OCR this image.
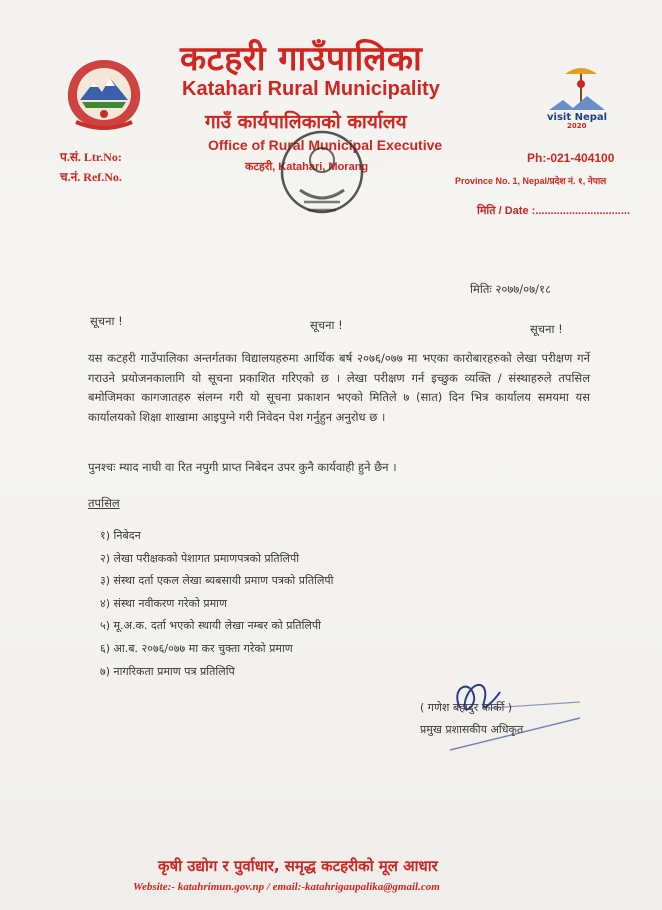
visit Nepal
2020
कटहरी गाउँपालिका
Katahari Rural Municipality
गाउँ कार्यपालिकाको कार्यालय
Office of Rural Municipal Executive
कटहरी, Katahari, Morang
प.सं. Ltr.No:
च.नं. Ref.No.
Ph:-021-404100
Province No. 1, Nepal/प्रदेश नं. १, नेपाल
मिति / Date :...............................
मितिः २०७७/०७/१८
सूचना !	सूचना !	सूचना !
यस कटहरी गाउँपालिका अन्तर्गतका विद्यालयहरुमा आर्थिक बर्ष २०७६/०७७ मा भएका कारोबारहरुको लेखा परीक्षण गर्ने गराउने प्रयोजनकालागि यो सूचना प्रकाशित गरिएको छ । लेखा परीक्षण गर्न इच्छुक व्यक्ति / संस्थाहरुले तपसिल बमोजिमका कागजातहरु संलग्न गरी यो सूचना प्रकाशन भएको मितिले ७ (सात) दिन भित्र कार्यालय समयमा यस कार्यालयको शिक्षा शाखामा आइपुग्ने गरी निवेदन पेश गर्नुहुन अनुरोध छ ।
पुनश्चः म्याद नाघी वा रित नपुगी प्राप्त निबेदन उपर कुनै कार्यवाही हुने छैन ।
तपसिल
१) निबेदन
२) लेखा परीक्षकको पेशागत प्रमाणपत्रको प्रतिलिपी
३) संस्था दर्ता एकल लेखा ब्यबसायी प्रमाण पत्रको प्रतिलिपी
४) संस्था नवीकरण गरेको प्रमाण
५) मू.अ.क. दर्ता भएको स्थायी लेखा नम्बर को प्रतिलिपी
६) आ.ब. २०७६/०७७ मा कर चुक्ता गरेको प्रमाण
७) नागरिकता प्रमाण पत्र प्रतिलिपि
( गणेश बहादुर कार्की )
प्रमुख प्रशासकीय अधिकृत
कृषी उद्योग र पुर्वाधार, समृद्ध कटहरीको मूल आधार
Website:- katahrimun.gov.np / email:-katahrigaupalika@gmail.com
